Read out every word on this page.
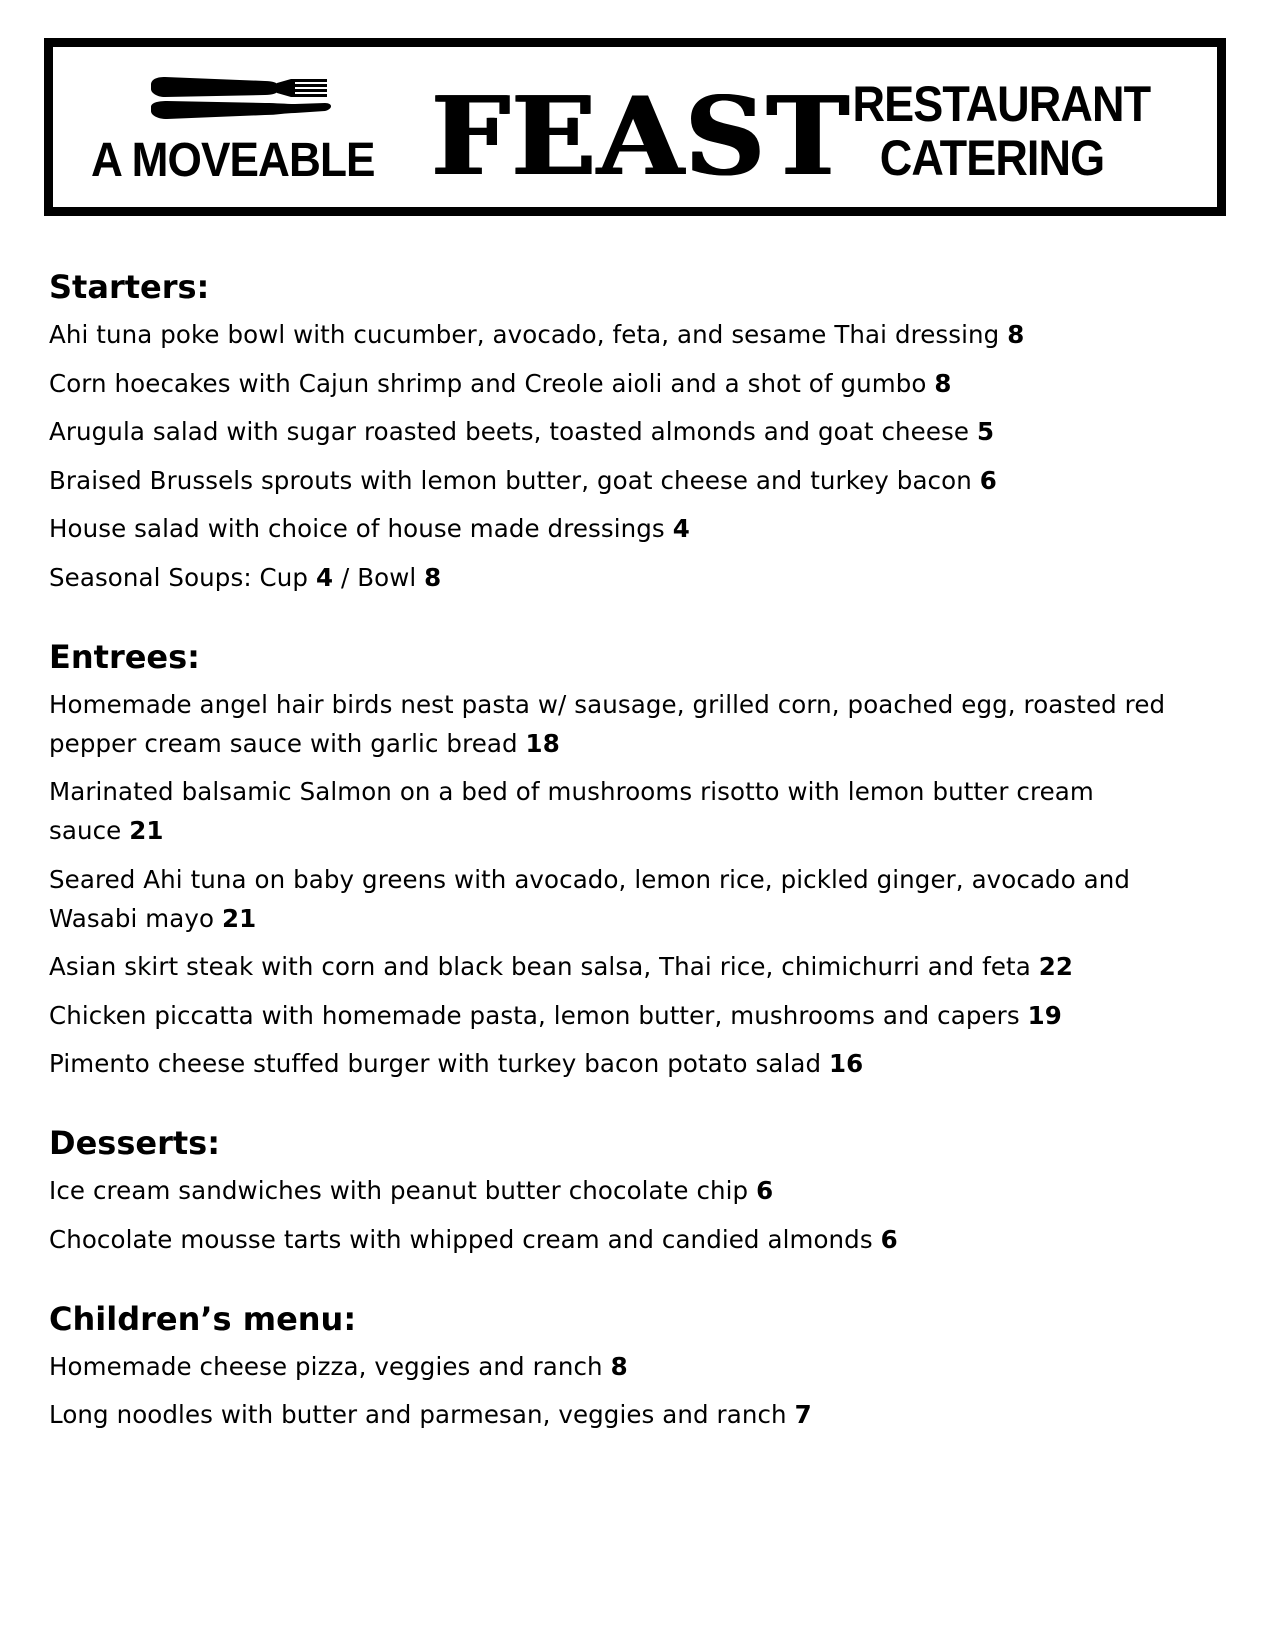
A MOVEABLE FEAST RESTAURANT
CATERING
Starters:
Ahi tuna poke bowl with cucumber, avocado, feta, and sesame Thai dressing 8
Corn hoecakes with Cajun shrimp and Creole aioli and a shot of gumbo 8
Arugula salad with sugar roasted beets, toasted almonds and goat cheese 5
Braised Brussels sprouts with lemon butter, goat cheese and turkey bacon 6
House salad with choice of house made dressings 4
Seasonal Soups: Cup 4 / Bowl 8
Entrees:
Homemade angel hair birds nest pasta w/ sausage, grilled corn, poached egg, roasted red pepper cream sauce with garlic bread 18
Marinated balsamic Salmon on a bed of mushrooms risotto with lemon butter cream sauce 21
Seared Ahi tuna on baby greens with avocado, lemon rice, pickled ginger, avocado and Wasabi mayo 21
Asian skirt steak with corn and black bean salsa, Thai rice, chimichurri and feta 22
Chicken piccatta with homemade pasta, lemon butter, mushrooms and capers 19
Pimento cheese stuffed burger with turkey bacon potato salad 16
Desserts:
Ice cream sandwiches with peanut butter chocolate chip 6
Chocolate mousse tarts with whipped cream and candied almonds 6
Children’s menu:
Homemade cheese pizza, veggies and ranch 8
Long noodles with butter and parmesan, veggies and ranch 7
